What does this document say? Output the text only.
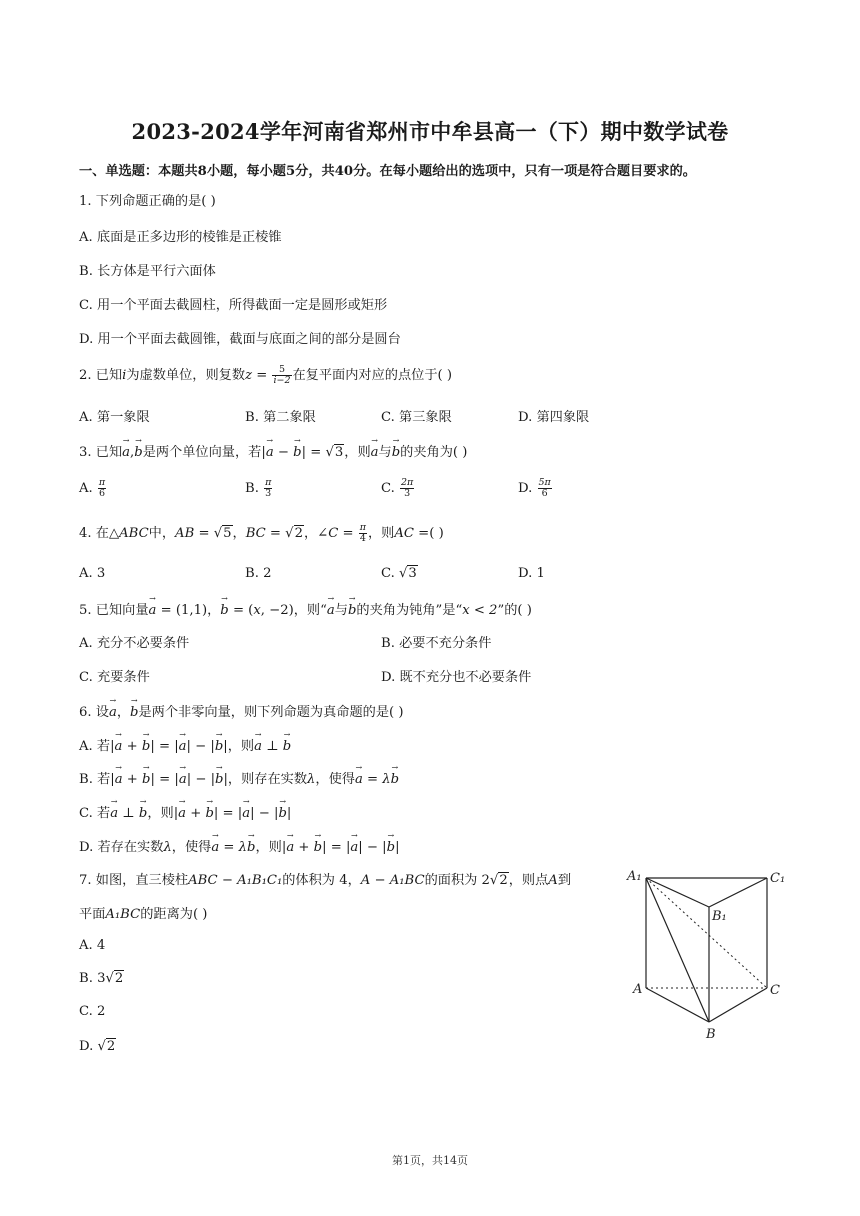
2023-2024学年河南省郑州市中牟县高一（下）期中数学试卷
一、单选题：本题共8小题，每小题5分，共40分。在每小题给出的选项中，只有一项是符合题目要求的。
1. 下列命题正确的是( )
A. 底面是正多边形的棱锥是正棱锥
B. 长方体是平行六面体
C. 用一个平面去截圆柱，所得截面一定是圆形或矩形
D. 用一个平面去截圆锥，截面与底面之间的部分是圆台
2. 已知i为虚数单位，则复数$z = \frac{5}{i-2}$ 在复平面内对应的点位于( )
A. 第一象限	B. 第二象限	C. 第三象限	D. 第四象限
3. 已知→ a,→ b是两个单位向量，若|→ a − → b| = √3，则→ a与→ b的夹角为( )
A. $\frac{\pi}{6}$	B. $\frac{\pi}{3}$	C. $\frac{2\pi}{3}$	D. $\frac{5\pi}{6}$
4. 在△ABC中，AB = √5，BC = √2，∠C = $\frac{\pi}{4}$ ，则AC =( )
A. 3	B. 2	C. √3	D. 1
5. 已知向量→ a = (1,1)，→ b = (x, −2)，则“→ a与→ b的夹角为钝角”是“x < 2”的( )
A. 充分不必要条件	B. 必要不充分条件
C. 充要条件	D. 既不充分也不必要条件
6. 设→ a，→ b是两个非零向量，则下列命题为真命题的是( )
A. 若|→ a + → b| = |→ a| − |→ b|，则→ a ⊥ → b
B. 若|→ a + → b| = |→ a| − |→ b|，则存在实数λ，使得→ a = λ→ b
C. 若→ a ⊥ → b，则|→ a + → b| = |→ a| − |→ b|
D. 若存在实数λ，使得→ a = λ→ b，则|→ a + → b| = |→ a| − |→ b|
7. 如图，直三棱柱ABC − A₁B₁C₁的体积为 4，A − A₁BC的面积为 2√2，则点A到
平面A₁BC的距离为( )
A. 4
B. 3√2
C. 2
D. √2
A₁	C₁
B₁
A	C
B
第1页，共14页
